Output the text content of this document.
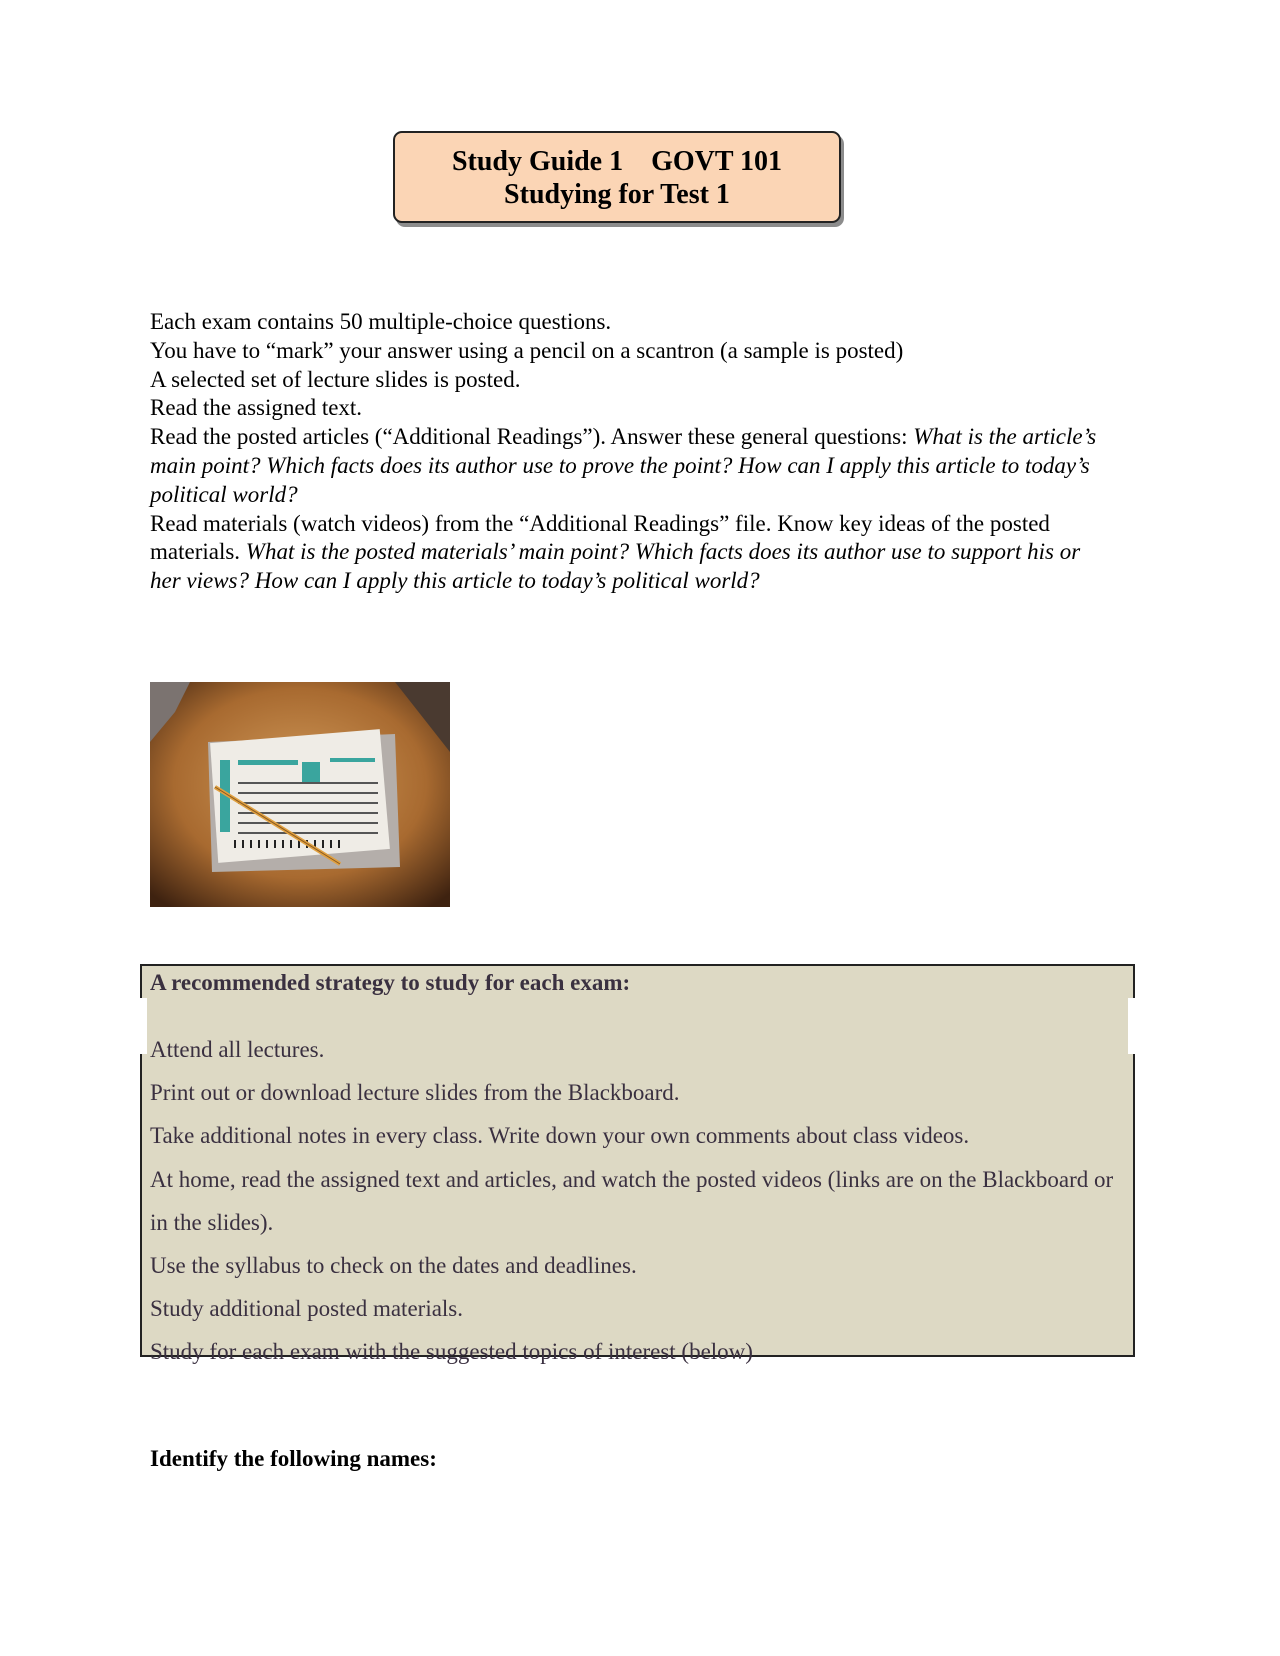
Study Guide 1    GOVT 101
Studying for Test 1

Each exam contains 50 multiple-choice questions.

You have to “mark” your answer using a pencil on a scantron (a sample is posted)

A selected set of lecture slides is posted.

Read the assigned text.

Read the posted articles (“Additional Readings”). Answer these general questions: What is the article’s main point? Which facts does its author use to prove the point? How can I apply this article to today’s political world?

Read materials (watch videos) from the “Additional Readings” file. Know key ideas of the posted materials. What is the posted materials’ main point? Which facts does its author use to support his or her views? How can I apply this article to today’s political world?

A recommended strategy to study for each exam:
Attend all lectures.
Print out or download lecture slides from the Blackboard.
Take additional notes in every class. Write down your own comments about class videos.
At home, read the assigned text and articles, and watch the posted videos (links are on the Blackboard or in the slides).
Use the syllabus to check on the dates and deadlines.
Study additional posted materials.
Study for each exam with the suggested topics of interest (below)
Identify the following names:
